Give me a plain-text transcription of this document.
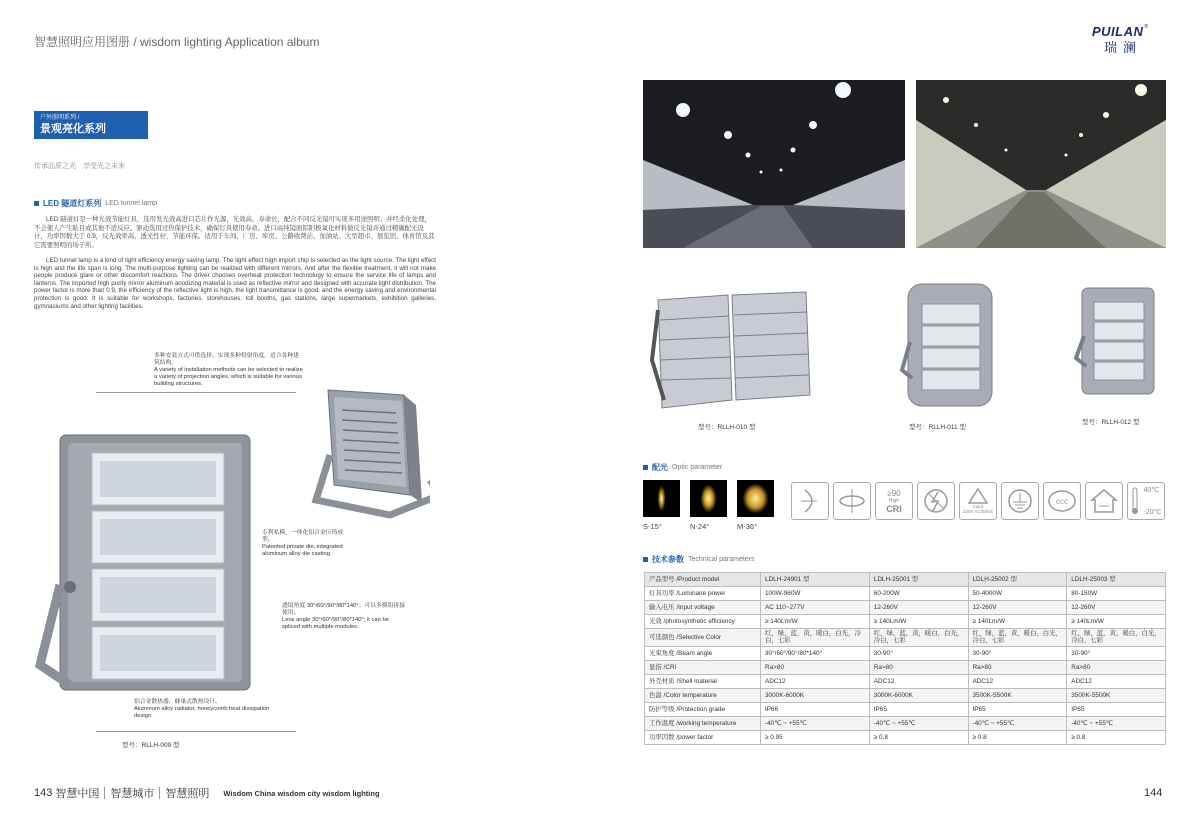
智慧照明应用图册 / wisdom lighting Application album
PUILAN ®
瑞澜
户外照明系列 /
景观亮化系列
传承品质之光　享受光之未来
LED 隧道灯系列 LED tunnel lamp
LED 隧道灯是一种光效节能灯具，选用发光效高进口芯片作光源，光效高、寿命长，配合不同反光镜可实现多用途照明；并经柔化处理，不会使人产生眩目或其他不适反应。驱动选用过热保护技术，确保灯具使用寿命。进口高纯镜面铝阳极氧化材料做反光镜并通过精确配光设计，功率因数大于 0.9，反光效率高，透光性好，节能环保。适用于车间、厂房、库房、公路收费站、加油站、大型超市、展览馆、体育馆及其它需要照明的场子所。
LED tunnel lamp is a kind of light efficiency energy saving lamp. The light effect high import chip is selected as the light source. The light effect is high and the life span is long. The multi-purpose lighting can be realized with different mirrors. And after the flexible treatment, it will not make people produce glare or other discomfort reactions. The driver chooses overheat protection technology to ensure the service life of lamps and lanterns. The imported high purity mirror aluminum anodizing material is used as reflective mirror and designed with accurate light distribution. The power factor is more than 0.9, the efficiency of the reflective light is high, the light transmittance is good, and the energy saving and environmental protection is good. It is suitable for workshops, factories, storehouses, toll booths, gas stations, large supermarkets, exhibition galleries, gymnasiums and other lighting facilities.
多种安装方式可供选择，实现多种投射角度，适合各种建筑结构。
A variety of installation methods can be selected to realize a variety of projection angles, which is suitable for various building structures.
专利私模，一体化铝合金压铸成型。
Patented private die, integrated aluminum alloy die casting.
透镜角度 30°/60°/90°/80*140°；可以多模组拼接使用。
Lens angle 30°/60°/90°/80*140°; it can be spliced with multiple modules.
铝合金散热器，蜂巢式散热设计。
Aluminum alloy radiator, honeycomb heat dissipation design.
型号：RLLH-009 型
型号：RLLH-010 型	型号：RLLH-011 型
型号：RLLH-012 型
配光 Optic parameter
S-15°	N-24°	M-36°
≥90
High
CRI	Input
220V AC/50HZ
ccc
40℃
-20℃
技术参数 Technical parameters
产品型号 /Product model	LDLH-24901 型	LDLH-25001 型	LDLH-25002 型	LDLH-25003 型
灯具功率 /Luminaire power	100W-960W	60-200W	50-4000W	80-150W
输入电压 /Input voltage	AC 110~277V	12-260V	12-260V	12-260V
光效 /photosynthetic efficiency	≥ 140Lm/W	≥ 140Lm/W	≥ 140Lm/W	≥ 140Lm/W
可选颜色 /Selective Color	红，绿，蓝，黄，暖白，白光，冷白，七彩	红，绿，蓝，黄，暖白，白光，冷白，七彩	红，绿，蓝，黄，暖白，白光，冷白，七彩	红，绿，蓝，黄，暖白，白光，冷白，七彩
光束角度 /Beam angle	30°/60°/90°/80*140°	30-90°	30-90°	30-90°
显指 /CRI	Ra>80	Ra>80	Ra>80	Ra>80
外壳材质 /Shell material	ADC12	ADC12	ADC12	ADC12
色温 /Color temperature	3000K-6000K	3000K-6000K	3500K-5500K	3500K-5500K
防护等级 /Protection grade	IP66	IP65	IP65	IP65
工作温度 /working temperature	-40℃ ~ +55℃	-40℃ ~ +55℃	-40℃ ~ +55℃	-40℃ ~ +55℃
功率因数 /power factor	≥ 0.95	≥ 0.8	≥ 0.8	≥ 0.8
143 智慧中国 智慧城市 智慧照明 Wisdom China wisdom city wisdom lighting	144
